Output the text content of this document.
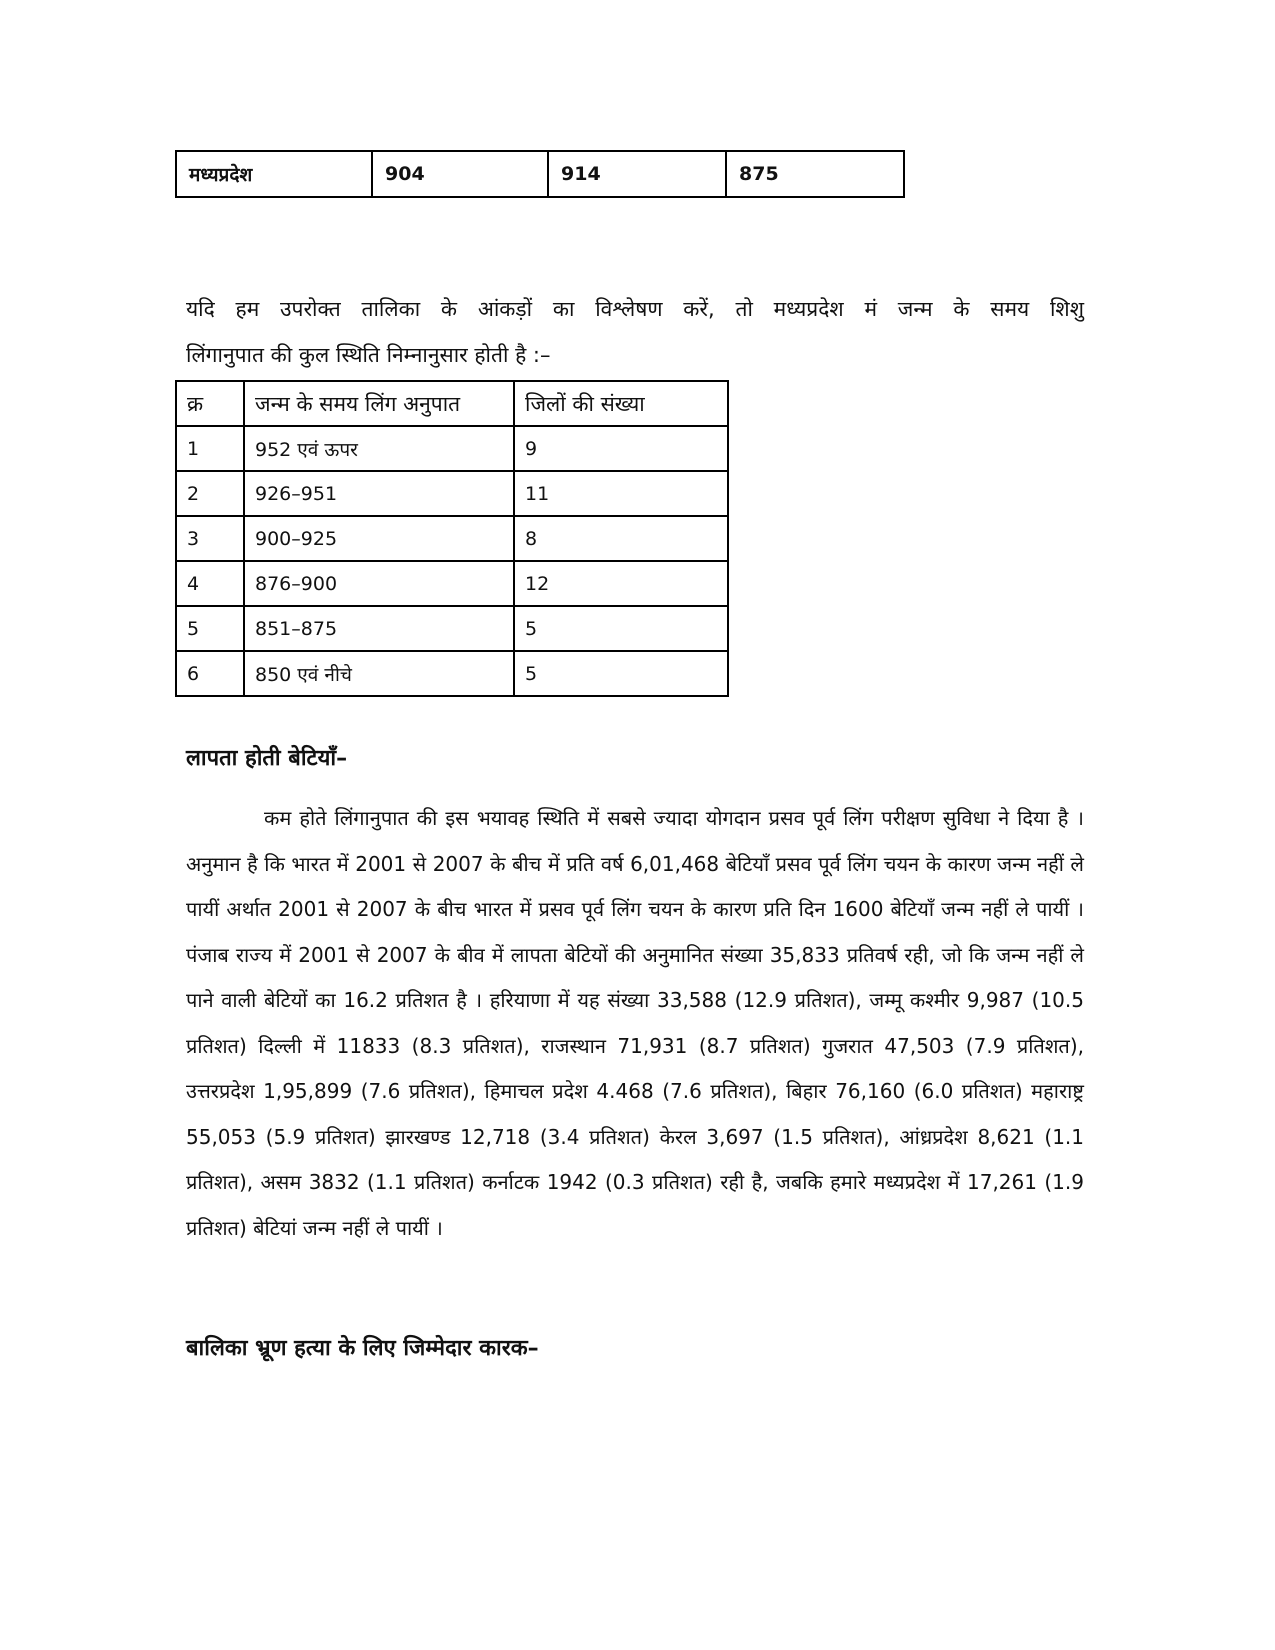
मध्यप्रदेश	904	914	875

यदि हम उपरोक्त तालिका के आंकड़ों का विश्लेषण करें, तो मध्यप्रदेश मं जन्म के समय शिशु
लिंगानुपात की कुल स्थिति निम्नानुसार होती है :–

क्र	जन्म के समय लिंग अनुपात	जिलों की संख्या
1	952 एवं ऊपर	9
2	926–951	11
3	900–925	8
4	876–900	12
5	851–875	5
6	850 एवं नीचे	5
लापता होती बेटियॉं–

कम होते लिंगानुपात की इस भयावह स्थिति में सबसे ज्यादा योगदान प्रसव पूर्व लिंग परीक्षण सुविधा ने दिया है । अनुमान है कि भारत में 2001 से 2007 के बीच में प्रति वर्ष 6,01,468 बेटियॉं प्रसव पूर्व लिंग चयन के कारण जन्म नहीं ले पायीं अर्थात 2001 से 2007 के बीच भारत में प्रसव पूर्व लिंग चयन के कारण प्रति दिन 1600 बेटियॉं जन्म नहीं ले पायीं । पंजाब राज्य में 2001 से 2007 के बीव में लापता बेटियों की अनुमानित संख्या 35,833 प्रतिवर्ष रही, जो कि जन्म नहीं ले पाने वाली बेटियों का 16.2 प्रतिशत है । हरियाणा में यह संख्या 33,588 (12.9 प्रतिशत), जम्मू कश्मीर 9,987 (10.5 प्रतिशत) दिल्ली में 11833 (8.3 प्रतिशत), राजस्थान 71,931 (8.7 प्रतिशत) गुजरात 47,503 (7.9 प्रतिशत), उत्तरप्रदेश 1,95,899 (7.6 प्रतिशत), हिमाचल प्रदेश 4.468 (7.6 प्रतिशत), बिहार 76,160 (6.0 प्रतिशत) महाराष्ट्र 55,053 (5.9 प्रतिशत) झारखण्ड 12,718 (3.4 प्रतिशत) केरल 3,697 (1.5 प्रतिशत), आंध्रप्रदेश 8,621 (1.1 प्रतिशत), असम 3832 (1.1 प्रतिशत) कर्नाटक 1942 (0.3 प्रतिशत) रही है, जबकि हमारे मध्यप्रदेश में 17,261 (1.9 प्रतिशत) बेटियां जन्म नहीं ले पायीं ।

बालिका भ्रूण हत्या के लिए जिम्मेदार कारक–
